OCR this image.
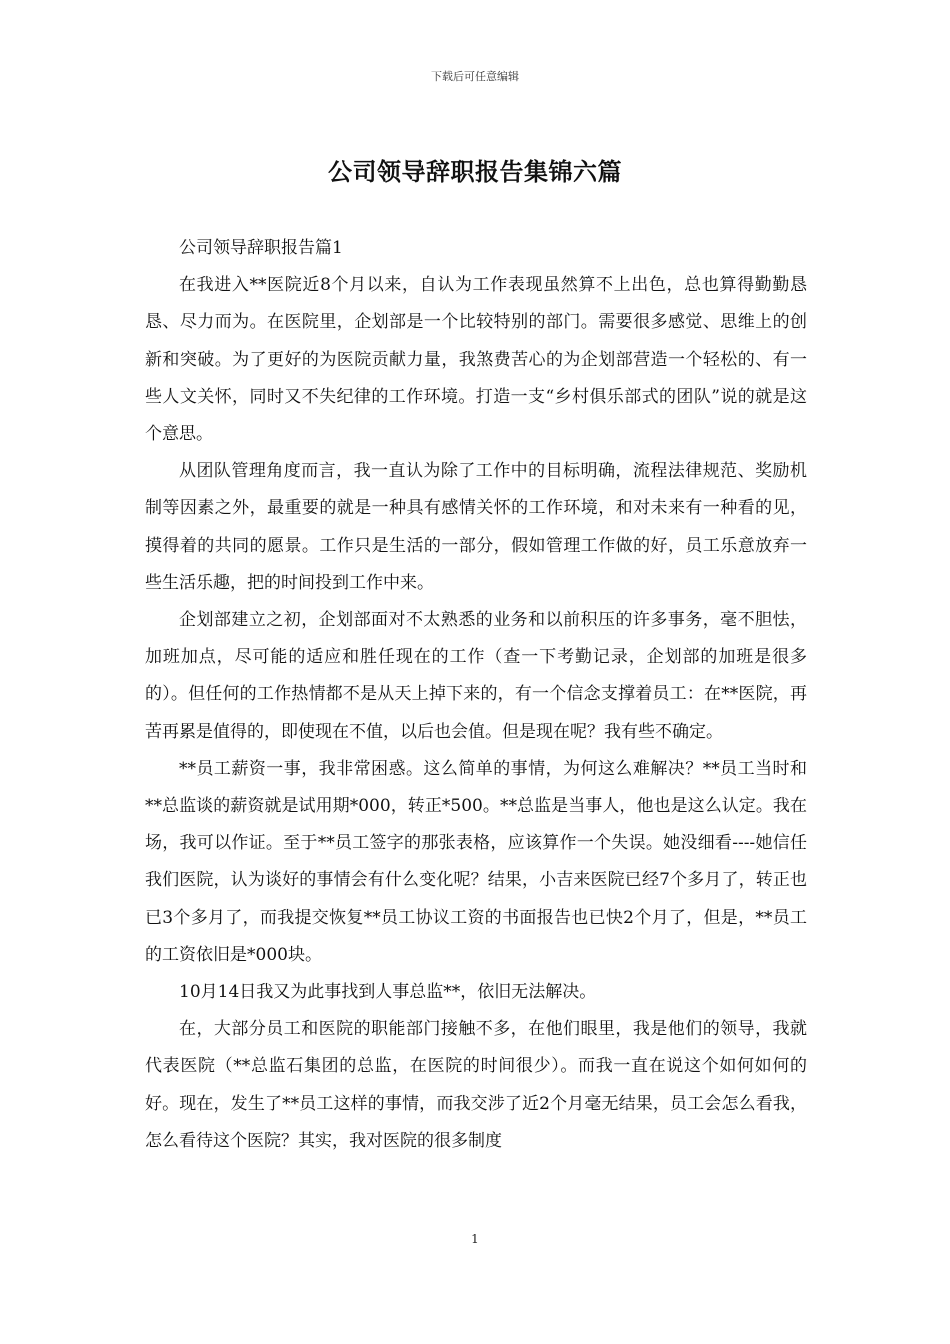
下载后可任意编辑
公司领导辞职报告集锦六篇

公司领导辞职报告篇1

在我进入**医院近8个月以来，自认为工作表现虽然算不上出色，总也算得勤勤恳恳、尽力而为。在医院里，企划部是一个比较特别的部门。需要很多感觉、思维上的创新和突破。为了更好的为医院贡献力量，我煞费苦心的为企划部营造一个轻松的、有一些人文关怀，同时又不失纪律的工作环境。打造一支“乡村俱乐部式的团队”说的就是这个意思。

从团队管理角度而言，我一直认为除了工作中的目标明确，流程法律规范、奖励机制等因素之外，最重要的就是一种具有感情关怀的工作环境，和对未来有一种看的见，摸得着的共同的愿景。工作只是生活的一部分，假如管理工作做的好，员工乐意放弃一些生活乐趣，把的时间投到工作中来。

企划部建立之初，企划部面对不太熟悉的业务和以前积压的许多事务，毫不胆怯，加班加点，尽可能的适应和胜任现在的工作（查一下考勤记录，企划部的加班是很多的）。但任何的工作热情都不是从天上掉下来的，有一个信念支撑着员工：在**医院，再苦再累是值得的，即使现在不值，以后也会值。但是现在呢？我有些不确定。

**员工薪资一事，我非常困惑。这么简单的事情，为何这么难解决？**员工当时和**总监谈的薪资就是试用期*000，转正*500。**总监是当事人，他也是这么认定。我在场，我可以作证。至于**员工签字的那张表格，应该算作一个失误。她没细看----她信任我们医院，认为谈好的事情会有什么变化呢？结果，小吉来医院已经7个多月了，转正也已3个多月了，而我提交恢复**员工协议工资的书面报告也已快2个月了，但是，**员工的工资依旧是*000块。

10月14日我又为此事找到人事总监**，依旧无法解决。

在，大部分员工和医院的职能部门接触不多，在他们眼里，我是他们的领导，我就代表医院（**总监石集团的总监，在医院的时间很少）。而我一直在说这个如何如何的好。现在，发生了**员工这样的事情，而我交涉了近2个月毫无结果，员工会怎么看我，怎么看待这个医院？其实，我对医院的很多制度

1
